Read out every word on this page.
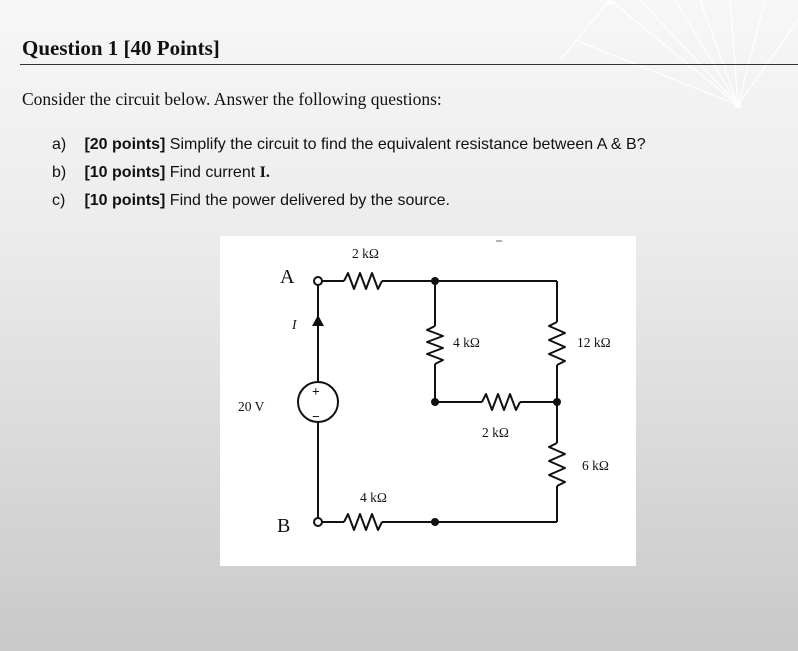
Question 1 [40 Points]
Consider the circuit below. Answer the following questions:
a) [20 points] Simplify the circuit to find the equivalent resistance between A & B?
b) [10 points] Find current I.
c) [10 points] Find the power delivered by the source.
A
B
I
20 V
+
−
2 kΩ
4 kΩ	12 kΩ
2 kΩ
6 kΩ
4 kΩ
